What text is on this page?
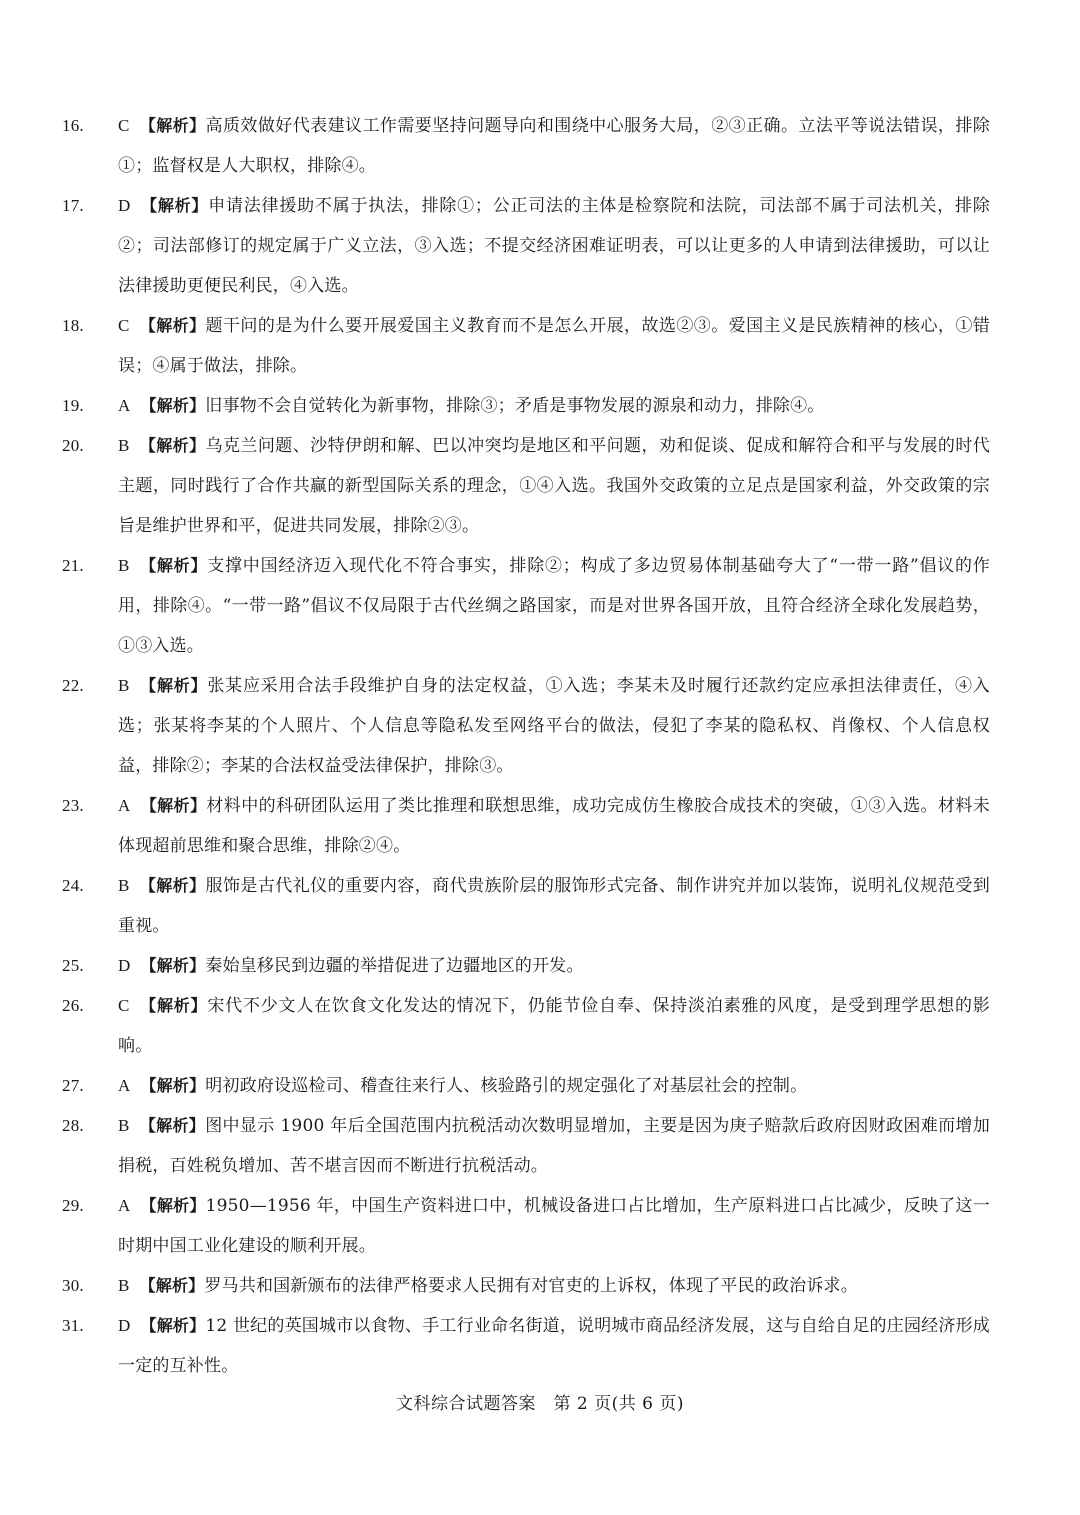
16. C 【解析】高质效做好代表建议工作需要坚持问题导向和围绕中心服务大局，②③正确。立法平等说法错误，排除①；监督权是人大职权，排除④。
17. D 【解析】申请法律援助不属于执法，排除①；公正司法的主体是检察院和法院，司法部不属于司法机关，排除②；司法部修订的规定属于广义立法，③入选；不提交经济困难证明表，可以让更多的人申请到法律援助，可以让法律援助更便民利民，④入选。
18. C 【解析】题干问的是为什么要开展爱国主义教育而不是怎么开展，故选②③。爱国主义是民族精神的核心，①错误；④属于做法，排除。
19. A 【解析】旧事物不会自觉转化为新事物，排除③；矛盾是事物发展的源泉和动力，排除④。
20. B 【解析】乌克兰问题、沙特伊朗和解、巴以冲突均是地区和平问题，劝和促谈、促成和解符合和平与发展的时代主题，同时践行了合作共赢的新型国际关系的理念，①④入选。我国外交政策的立足点是国家利益，外交政策的宗旨是维护世界和平，促进共同发展，排除②③。
21. B 【解析】支撑中国经济迈入现代化不符合事实，排除②；构成了多边贸易体制基础夸大了“一带一路”倡议的作用，排除④。“一带一路”倡议不仅局限于古代丝绸之路国家，而是对世界各国开放，且符合经济全球化发展趋势，①③入选。
22. B 【解析】张某应采用合法手段维护自身的法定权益，①入选；李某未及时履行还款约定应承担法律责任，④入选；张某将李某的个人照片、个人信息等隐私发至网络平台的做法，侵犯了李某的隐私权、肖像权、个人信息权益，排除②；李某的合法权益受法律保护，排除③。
23. A 【解析】材料中的科研团队运用了类比推理和联想思维，成功完成仿生橡胶合成技术的突破，①③入选。材料未体现超前思维和聚合思维，排除②④。
24. B 【解析】服饰是古代礼仪的重要内容，商代贵族阶层的服饰形式完备、制作讲究并加以装饰，说明礼仪规范受到重视。
25. D 【解析】秦始皇移民到边疆的举措促进了边疆地区的开发。
26. C 【解析】宋代不少文人在饮食文化发达的情况下，仍能节俭自奉、保持淡泊素雅的风度，是受到理学思想的影响。
27. A 【解析】明初政府设巡检司、稽查往来行人、核验路引的规定强化了对基层社会的控制。
28. B 【解析】图中显示 1900 年后全国范围内抗税活动次数明显增加，主要是因为庚子赔款后政府因财政困难而增加捐税，百姓税负增加、苦不堪言因而不断进行抗税活动。
29. A 【解析】1950—1956 年，中国生产资料进口中，机械设备进口占比增加，生产原料进口占比减少，反映了这一时期中国工业化建设的顺利开展。
30. B 【解析】罗马共和国新颁布的法律严格要求人民拥有对官吏的上诉权，体现了平民的政治诉求。
31. D 【解析】12 世纪的英国城市以食物、手工行业命名街道，说明城市商品经济发展，这与自给自足的庄园经济形成一定的互补性。
文科综合试题答案　第 2 页(共 6 页)
